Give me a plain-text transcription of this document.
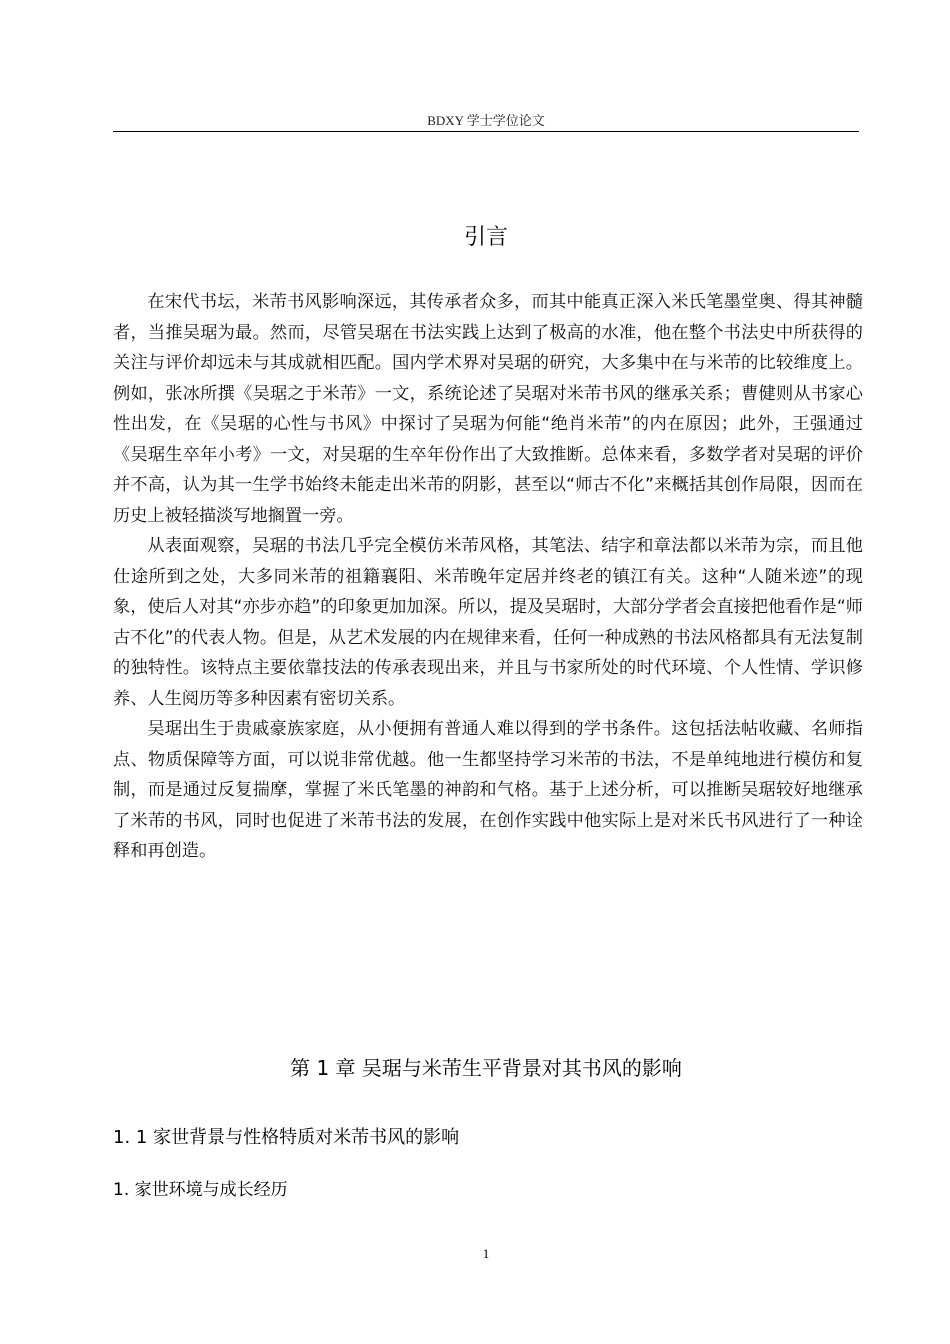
BDXY 学士学位论文
引言

在宋代书坛，米芾书风影响深远，其传承者众多，而其中能真正深入米氏笔墨堂奥、得其神髓者，当推吴琚为最。然而，尽管吴琚在书法实践上达到了极高的水准，他在整个书法史中所获得的关注与评价却远未与其成就相匹配。国内学术界对吴琚的研究，大多集中在与米芾的比较维度上。例如，张冰所撰《吴琚之于米芾》一文，系统论述了吴琚对米芾书风的继承关系；曹健则从书家心性出发，在《吴琚的心性与书风》中探讨了吴琚为何能“绝肖米芾”的内在原因；此外，王强通过《吴琚生卒年小考》一文，对吴琚的生卒年份作出了大致推断。总体来看，多数学者对吴琚的评价并不高，认为其一生学书始终未能走出米芾的阴影，甚至以“师古不化”来概括其创作局限，因而在历史上被轻描淡写地搁置一旁。

从表面观察，吴琚的书法几乎完全模仿米芾风格，其笔法、结字和章法都以米芾为宗，而且他仕途所到之处，大多同米芾的祖籍襄阳、米芾晚年定居并终老的镇江有关。这种“人随米迹”的现象，使后人对其“亦步亦趋”的印象更加加深。所以，提及吴琚时，大部分学者会直接把他看作是“师古不化”的代表人物。但是，从艺术发展的内在规律来看，任何一种成熟的书法风格都具有无法复制的独特性。该特点主要依靠技法的传承表现出来，并且与书家所处的时代环境、个人性情、学识修养、人生阅历等多种因素有密切关系。

吴琚出生于贵戚豪族家庭，从小便拥有普通人难以得到的学书条件。这包括法帖收藏、名师指点、物质保障等方面，可以说非常优越。他一生都坚持学习米芾的书法，不是单纯地进行模仿和复制，而是通过反复揣摩，掌握了米氏笔墨的神韵和气格。基于上述分析，可以推断吴琚较好地继承了米芾的书风，同时也促进了米芾书法的发展，在创作实践中他实际上是对米氏书风进行了一种诠释和再创造。

第 1 章 吴琚与米芾生平背景对其书风的影响
1. 1 家世背景与性格特质对米芾书风的影响
1. 家世环境与成长经历
1
